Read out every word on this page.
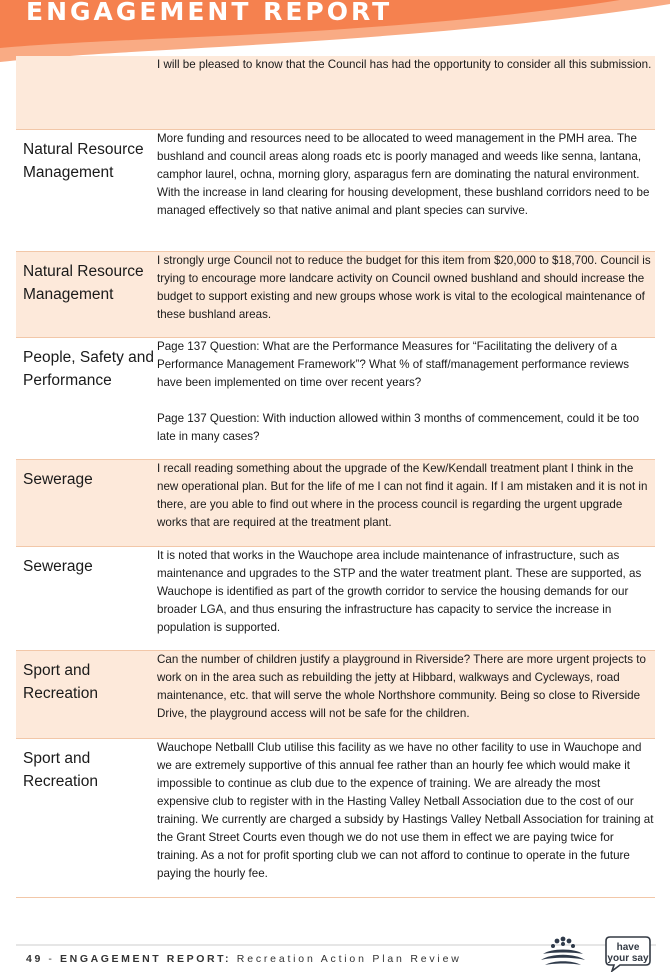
ENGAGEMENT REPORT

I will be pleased to know that the Council has had the opportunity to consider all this submission.

Natural Resource Management

More funding and resources need to be allocated to weed management in the PMH area. The bushland and council areas along roads etc is poorly managed and weeds like senna, lantana, camphor laurel, ochna, morning glory, asparagus fern are dominating the natural environment. With the increase in land clearing for housing development, these bushland corridors need to be managed effectively so that native animal and plant species can survive.

Natural Resource Management

I strongly urge Council not to reduce the budget for this item from $20,000 to $18,700. Council is trying to encourage more landcare activity on Council owned bushland and should increase the budget to support existing and new groups whose work is vital to the ecological maintenance of these bushland areas.

People, Safety and Performance

Page 137 Question: What are the Performance Measures for “Facilitating the delivery of a Performance Management Framework”? What % of staff/management performance reviews have been implemented on time over recent years?

Page 137 Question: With induction allowed within 3 months of commencement, could it be too late in many cases?

Sewerage

I recall reading something about the upgrade of the Kew/Kendall treatment plant I think in the new operational plan. But for the life of me I can not find it again. If I am mistaken and it is not in there, are you able to find out where in the process council is regarding the urgent upgrade works that are required at the treatment plant.

Sewerage

It is noted that works in the Wauchope area include maintenance of infrastructure, such as maintenance and upgrades to the STP and the water treatment plant. These are supported, as Wauchope is identified as part of the growth corridor to service the housing demands for our broader LGA, and thus ensuring the infrastructure has capacity to service the increase in population is supported.

Sport and Recreation

Can the number of children justify a playground in Riverside? There are more urgent projects to work on in the area such as rebuilding the jetty at Hibbard, walkways and Cycleways, road maintenance, etc. that will serve the whole Northshore community. Being so close to Riverside Drive, the playground access will not be safe for the children.

Sport and Recreation

Wauchope Netballl Club utilise this facility as we have no other facility to use in Wauchope and we are extremely supportive of this annual fee rather than an hourly fee which would make it impossible to continue as club due to the expence of training. We are already the most expensive club to register with in the Hasting Valley Netball Association due to the cost of our training. We currently are charged a subsidy by Hastings Valley Netball Association for training at the Grant Street Courts even though we do not use them in effect we are paying twice for training. As a not for profit sporting club we can not afford to continue to operate in the future paying the hourly fee.

49 - ENGAGEMENT REPORT: Recreation Action Plan Review
have
your say
